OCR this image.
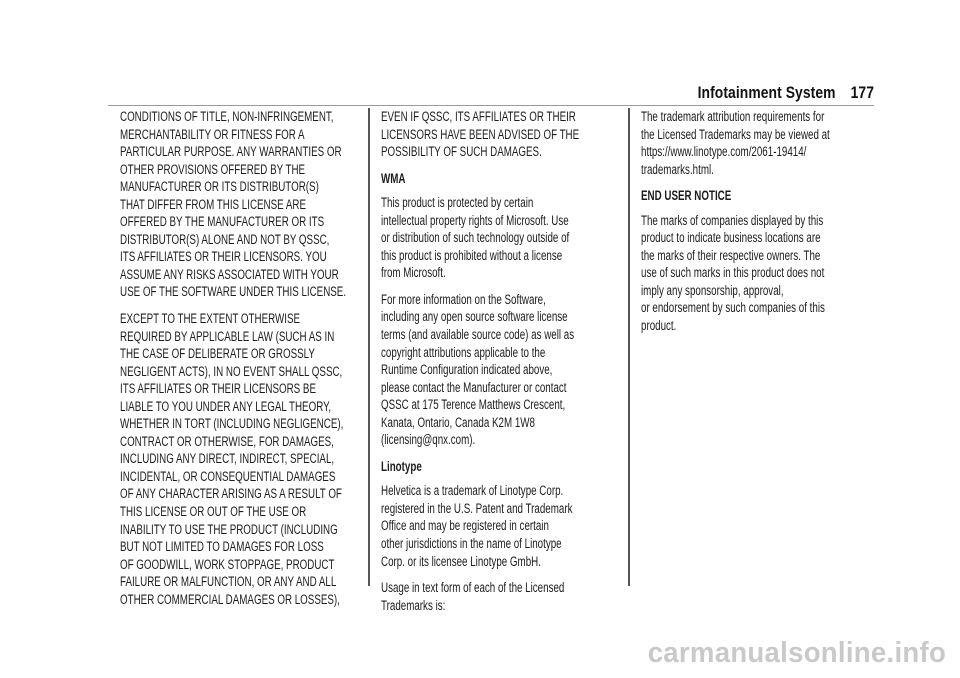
Infotainment System 177

CONDITIONS OF TITLE, NON-INFRINGEMENT,
MERCHANTABILITY OR FITNESS FOR A
PARTICULAR PURPOSE. ANY WARRANTIES OR
OTHER PROVISIONS OFFERED BY THE
MANUFACTURER OR ITS DISTRIBUTOR(S)
THAT DIFFER FROM THIS LICENSE ARE
OFFERED BY THE MANUFACTURER OR ITS
DISTRIBUTOR(S) ALONE AND NOT BY QSSC,
ITS AFFILIATES OR THEIR LICENSORS. YOU
ASSUME ANY RISKS ASSOCIATED WITH YOUR
USE OF THE SOFTWARE UNDER THIS LICENSE.

EXCEPT TO THE EXTENT OTHERWISE
REQUIRED BY APPLICABLE LAW (SUCH AS IN
THE CASE OF DELIBERATE OR GROSSLY
NEGLIGENT ACTS), IN NO EVENT SHALL QSSC,
ITS AFFILIATES OR THEIR LICENSORS BE
LIABLE TO YOU UNDER ANY LEGAL THEORY,
WHETHER IN TORT (INCLUDING NEGLIGENCE),
CONTRACT OR OTHERWISE, FOR DAMAGES,
INCLUDING ANY DIRECT, INDIRECT, SPECIAL,
INCIDENTAL, OR CONSEQUENTIAL DAMAGES
OF ANY CHARACTER ARISING AS A RESULT OF
THIS LICENSE OR OUT OF THE USE OR
INABILITY TO USE THE PRODUCT (INCLUDING
BUT NOT LIMITED TO DAMAGES FOR LOSS
OF GOODWILL, WORK STOPPAGE, PRODUCT
FAILURE OR MALFUNCTION, OR ANY AND ALL
OTHER COMMERCIAL DAMAGES OR LOSSES),

EVEN IF QSSC, ITS AFFILIATES OR THEIR
LICENSORS HAVE BEEN ADVISED OF THE
POSSIBILITY OF SUCH DAMAGES.

WMA

This product is protected by certain
intellectual property rights of Microsoft. Use
or distribution of such technology outside of
this product is prohibited without a license
from Microsoft.

For more information on the Software,
including any open source software license
terms (and available source code) as well as
copyright attributions applicable to the
Runtime Configuration indicated above,
please contact the Manufacturer or contact
QSSC at 175 Terence Matthews Crescent,
Kanata, Ontario, Canada K2M 1W8
(licensing@qnx.com).

Linotype

Helvetica is a trademark of Linotype Corp.
registered in the U.S. Patent and Trademark
Office and may be registered in certain
other jurisdictions in the name of Linotype
Corp. or its licensee Linotype GmbH.

Usage in text form of each of the Licensed
Trademarks is:

The trademark attribution requirements for
the Licensed Trademarks may be viewed at
https://www.linotype.com/2061-19414/
trademarks.html.

END USER NOTICE

The marks of companies displayed by this
product to indicate business locations are
the marks of their respective owners. The
use of such marks in this product does not
imply any sponsorship, approval,
or endorsement by such companies of this
product.

carmanualsonline.info
